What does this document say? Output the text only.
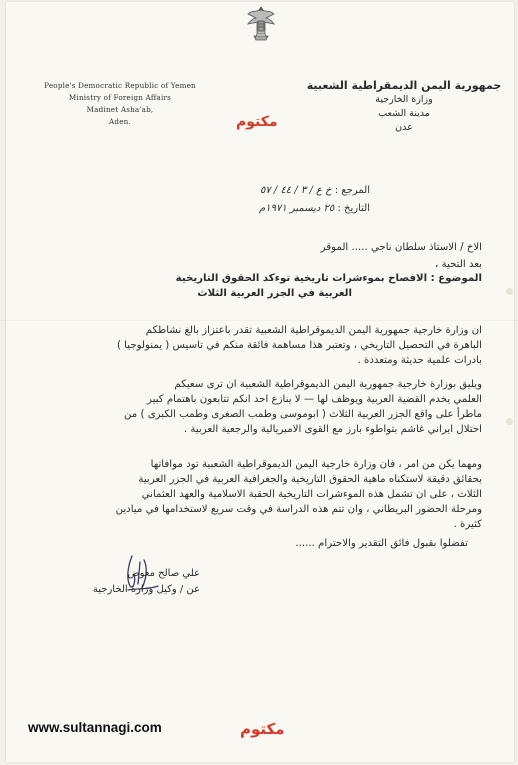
People's Democratic Republic of Yemen
Ministry of Foreign Affairs
Madinet Asha'ab,
Aden.
جمهورية اليمن الديمقراطية الشعبية
وزارة الخارجية
مدينة الشعب
عدن
مكتوم
المرجع : خ ع / ٣ / ٤٤ / ٥٧
التاريخ : ٢٥ ديسمبر ١٩٧١م

الاخ / الاستاذ سلطان ناجي ..... الموقر

بعد التحية ،

الموضوع : الافصاح بموءشرات تاريخية توءكد الحقوق التاريخية

العربية في الجزر العربية الثلاث

ان وزارة خارجية جمهورية اليمن الديموقراطية الشعبية تقدر باعتزاز بالغ نشاطكم

الباهرة في التحصيل التاريخي ، وتعتبر هذا مساهمة فائقة منكم في تاسيس ( يمنولوجيا )

بادرات علمية حديثة ومتعددة .

ويليق بوزارة خارجية جمهورية اليمن الديموقراطية الشعبية ان ترى سعيكم

العلمي يخدم القضية العربية ويوظف لها — لا ينازع احد انكم تتابعون باهتمام كبير

ماطرأ على واقع الجزر العربية الثلاث ( ابوموسى وطمب الصغرى وطمب الكبرى ) من

احتلال ايراني غاشم بتواطوء بارز مع القوى الامبريالية والرجعية العربية .

ومهما يكن من امر ، فان وزارة خارجية اليمن الديموقراطية الشعبية تود موافاتها

بحقائق دقيقة لاستكناه ماهية الحقوق التاريخية والجغرافية العربية في الجزر العربية

الثلاث ، على ان تشمل هذه الموءشرات التاريخية الحقبة الاسلامية والعهد العثماني

ومرحلة الحضور البريطاني ، وان تتم هذه الدراسة في وقت سريع لاستخدامها في ميادين

كثيرة .

تفضلوا بقبول فائق التقدير والاحترام ......

علي صالح معوض
عن / وكيل وزارة الخارجية
www.sultannagi.com	مكتوم
